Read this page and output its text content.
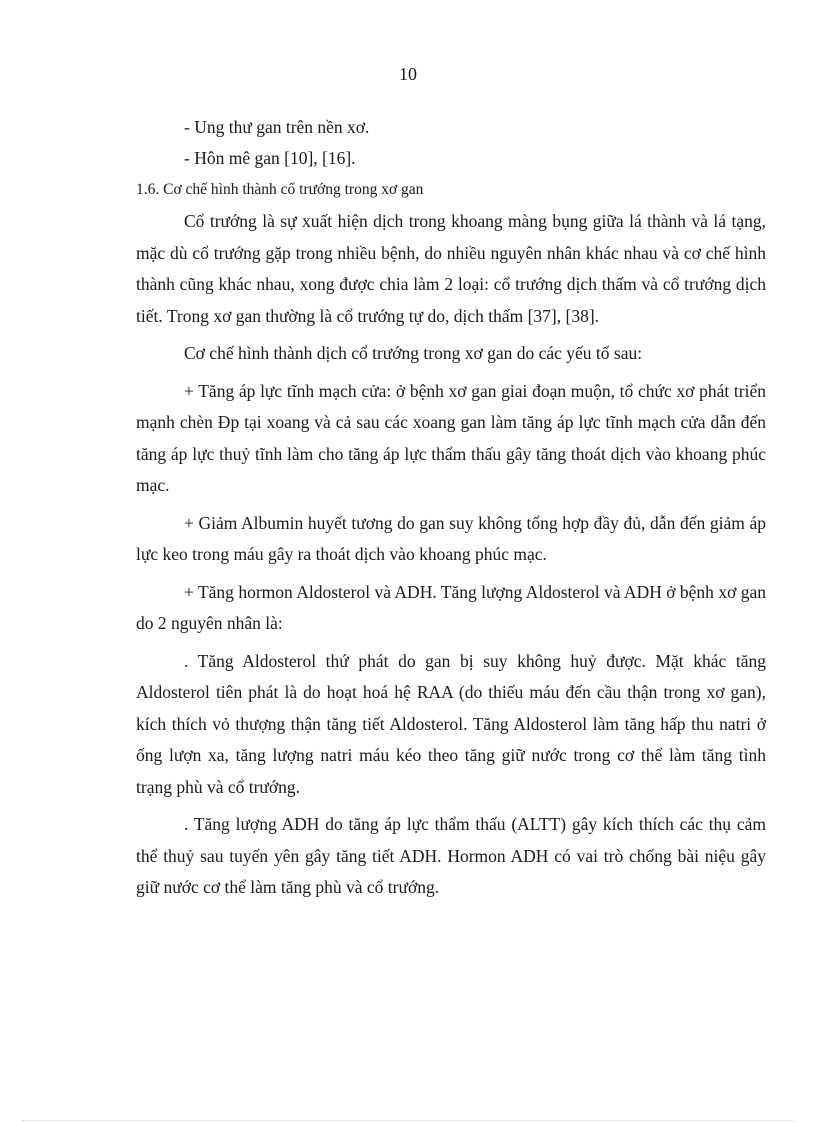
10

- Ung thư gan trên nền xơ.

- Hôn mê gan [10], [16].

1.6. Cơ chế hình thành cổ trướng trong xơ gan

Cổ trướng là sự xuất hiện dịch trong khoang màng bụng giữa lá thành và lá tạng, mặc dù cổ trướng gặp trong nhiều bệnh, do nhiều nguyên nhân khác nhau và cơ chế hình thành cũng khác nhau, xong được chia làm 2 loại: cổ trướng dịch thấm và cổ trướng dịch tiết. Trong xơ gan thường là cổ trướng tự do, dịch thấm [37], [38].

Cơ chế hình thành dịch cổ trướng trong xơ gan do các yếu tố sau:

+ Tăng áp lực tĩnh mạch cửa: ở bệnh xơ gan giai đoạn muộn, tổ chức xơ phát triển mạnh chèn Đp tại xoang và cả sau các xoang gan làm tăng áp lực tĩnh mạch cửa dẫn đến tăng áp lực thuỷ tĩnh làm cho tăng áp lực thẩm thấu gây tăng thoát dịch vào khoang phúc mạc.

+ Giảm Albumin huyết tương do gan suy không tổng hợp đầy đủ, dẫn đến giảm áp lực keo trong máu gây ra thoát dịch vào khoang phúc mạc.

+ Tăng hormon Aldosterol và ADH. Tăng lượng Aldosterol và ADH ở bệnh xơ gan do 2 nguyên nhân là:

. Tăng Aldosterol thứ phát do gan bị suy không huỷ được. Mặt khác tăng Aldosterol tiên phát là do hoạt hoá hệ RAA (do thiếu máu đến cầu thận trong xơ gan), kích thích vỏ thượng thận tăng tiết Aldosterol. Tăng Aldosterol làm tăng hấp thu natri ở ống lượn xa, tăng lượng natri máu kéo theo tăng giữ nước trong cơ thể làm tăng tình trạng phù và cổ trướng.

. Tăng lượng ADH do tăng áp lực thẩm thấu (ALTT) gây kích thích các thụ cảm thể thuỷ sau tuyến yên gây tăng tiết ADH. Hormon ADH có vai trò chống bài niệu gây giữ nước cơ thể làm tăng phù và cổ trướng.
